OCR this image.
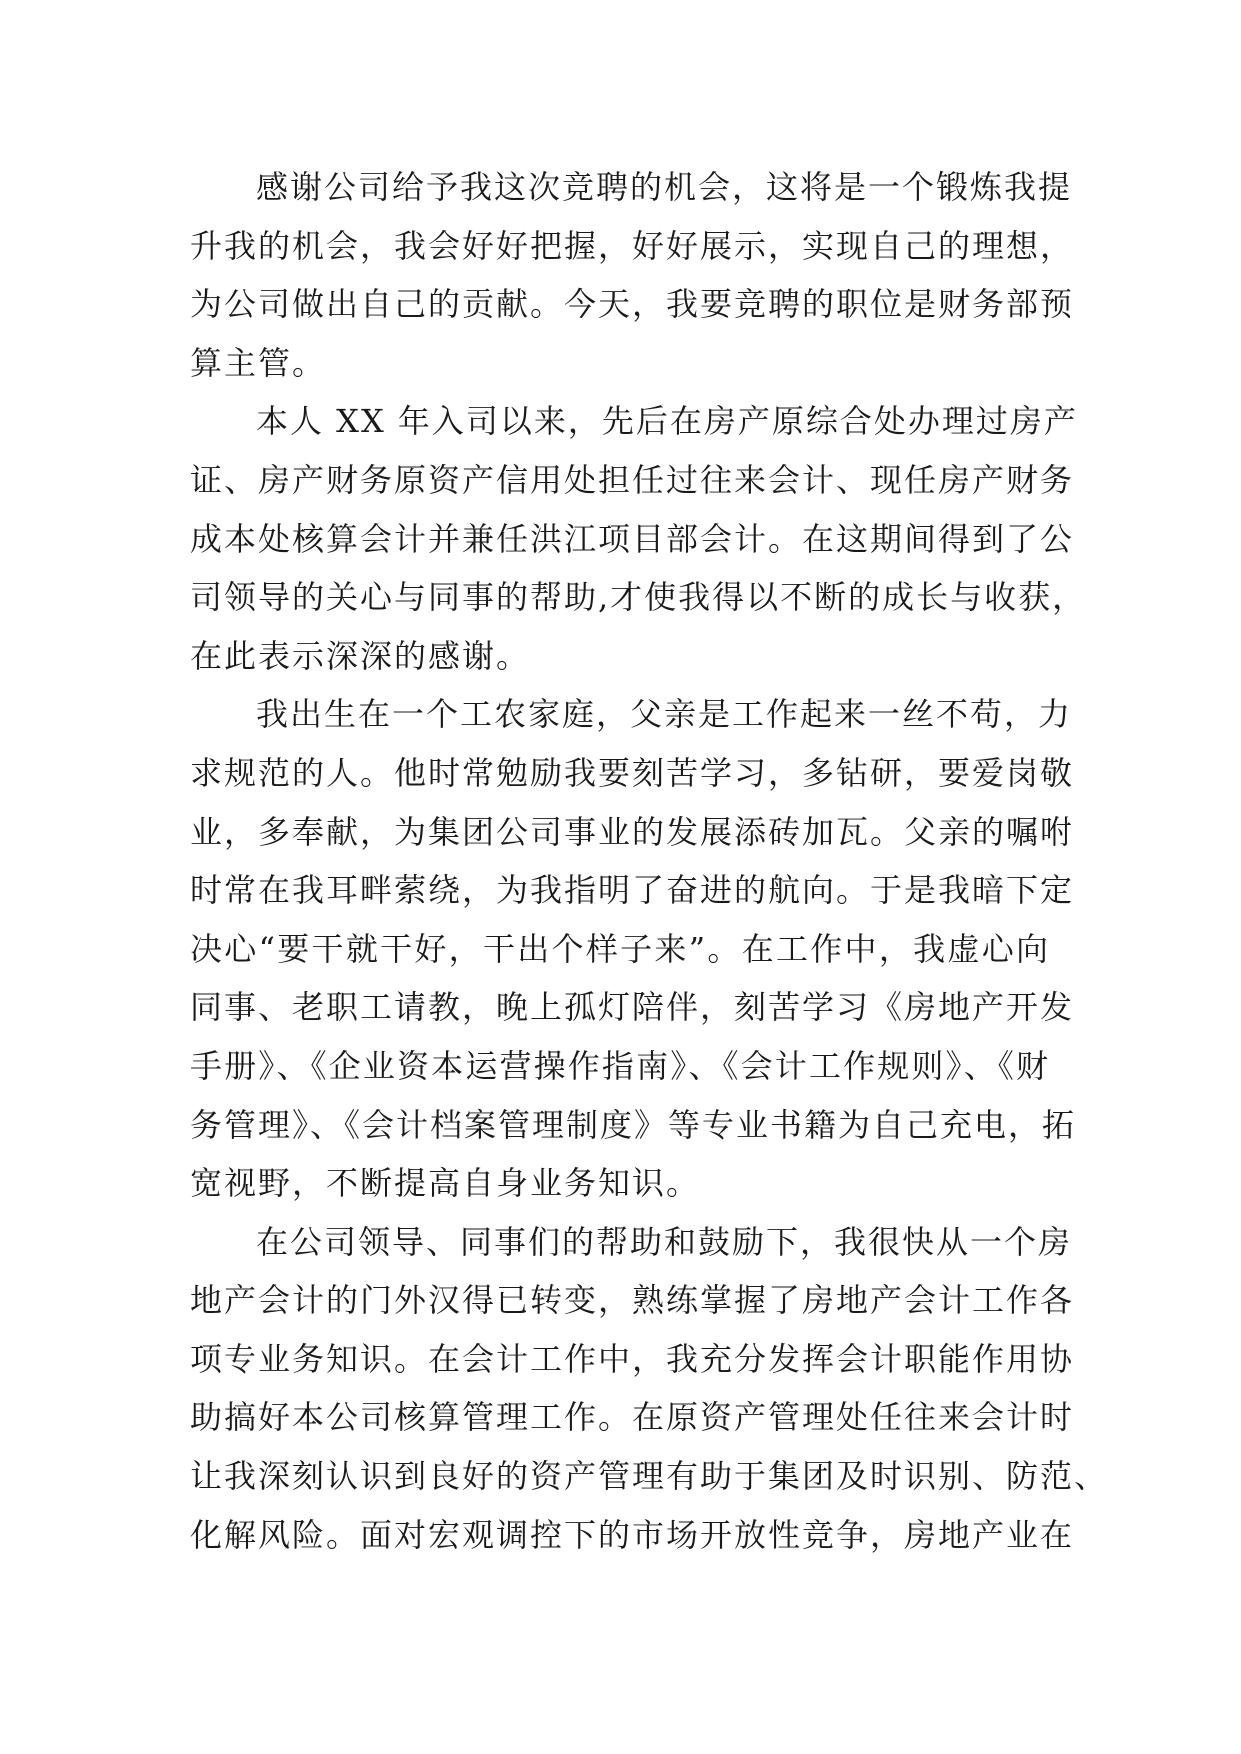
感谢公司给予我这次竞聘的机会，这将是一个锻炼我提
升我的机会，我会好好把握，好好展示，实现自己的理想，
为公司做出自己的贡献。今天，我要竞聘的职位是财务部预
算主管。
本人 XX 年入司以来，先后在房产原综合处办理过房产
证、房产财务原资产信用处担任过往来会计、现任房产财务
成本处核算会计并兼任洪江项目部会计。在这期间得到了公
司领导的关心与同事的帮助,才使我得以不断的成长与收获，
在此表示深深的感谢。
我出生在一个工农家庭，父亲是工作起来一丝不苟，力
求规范的人。他时常勉励我要刻苦学习，多钻研，要爱岗敬
业，多奉献，为集团公司事业的发展添砖加瓦。父亲的嘱咐
时常在我耳畔萦绕，为我指明了奋进的航向。于是我暗下定
决心“要干就干好，干出个样子来”。在工作中，我虚心向
同事、老职工请教，晚上孤灯陪伴，刻苦学习《房地产开发
手册》、《企业资本运营操作指南》、《会计工作规则》、《财
务管理》、《会计档案管理制度》等专业书籍为自己充电，拓
宽视野，不断提高自身业务知识。
在公司领导、同事们的帮助和鼓励下，我很快从一个房
地产会计的门外汉得已转变，熟练掌握了房地产会计工作各
项专业务知识。在会计工作中，我充分发挥会计职能作用协
助搞好本公司核算管理工作。在原资产管理处任往来会计时
让我深刻认识到良好的资产管理有助于集团及时识别、防范、
化解风险。面对宏观调控下的市场开放性竞争，房地产业在
